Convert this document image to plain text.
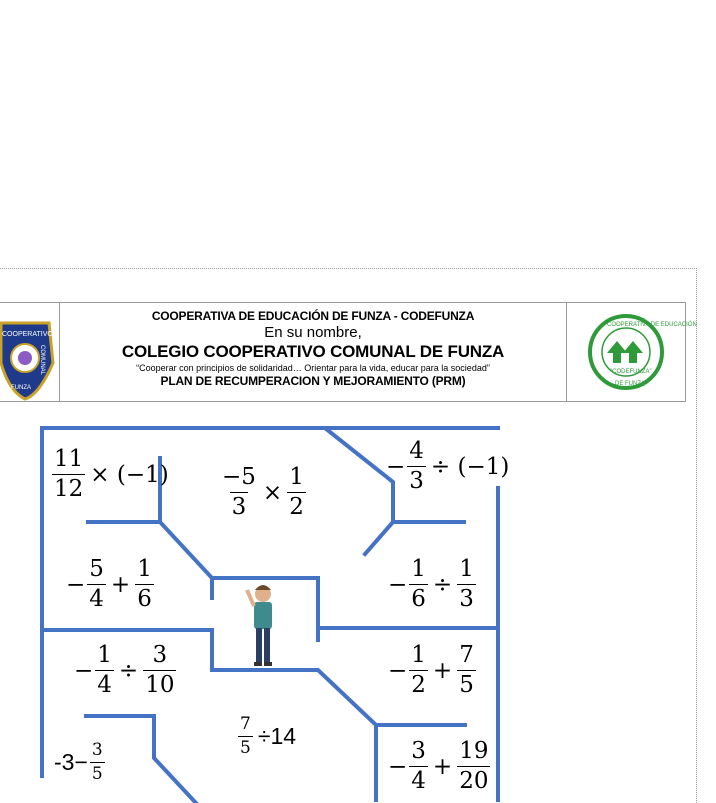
COOPERATIVO
COMUNAL
FUNZA
COOPERATIVA DE EDUCACIÓN DE FUNZA - CODEFUNZA
En su nombre,
COLEGIO COOPERATIVO COMUNAL DE FUNZA
“Cooperar con principios de solidaridad… Orientar para la vida, educar para la sociedad”
PLAN DE RECUMPERACION Y MEJORAMIENTO (PRM)
COOPERATIVA DE EDUCACIÓN
"CODEFUNZA"
DE FUNZA
$\frac{11}{12} \times (-1) \frac{-5}{3} \times \frac{1}{2}$	− $\frac{4}{3} \div (-1)$
− $\frac{5}{4} + \frac{1}{6}$	− $\frac{1}{6} \div \frac{1}{3}$
− $\frac{1}{4} \div \frac{3}{10}$	− $\frac{1}{2} + \frac{7}{5}$
$\frac{7}{5} \div 14$
$-3- \frac{3}{5}$	− $\frac{3}{4} + \frac{19}{20}$
